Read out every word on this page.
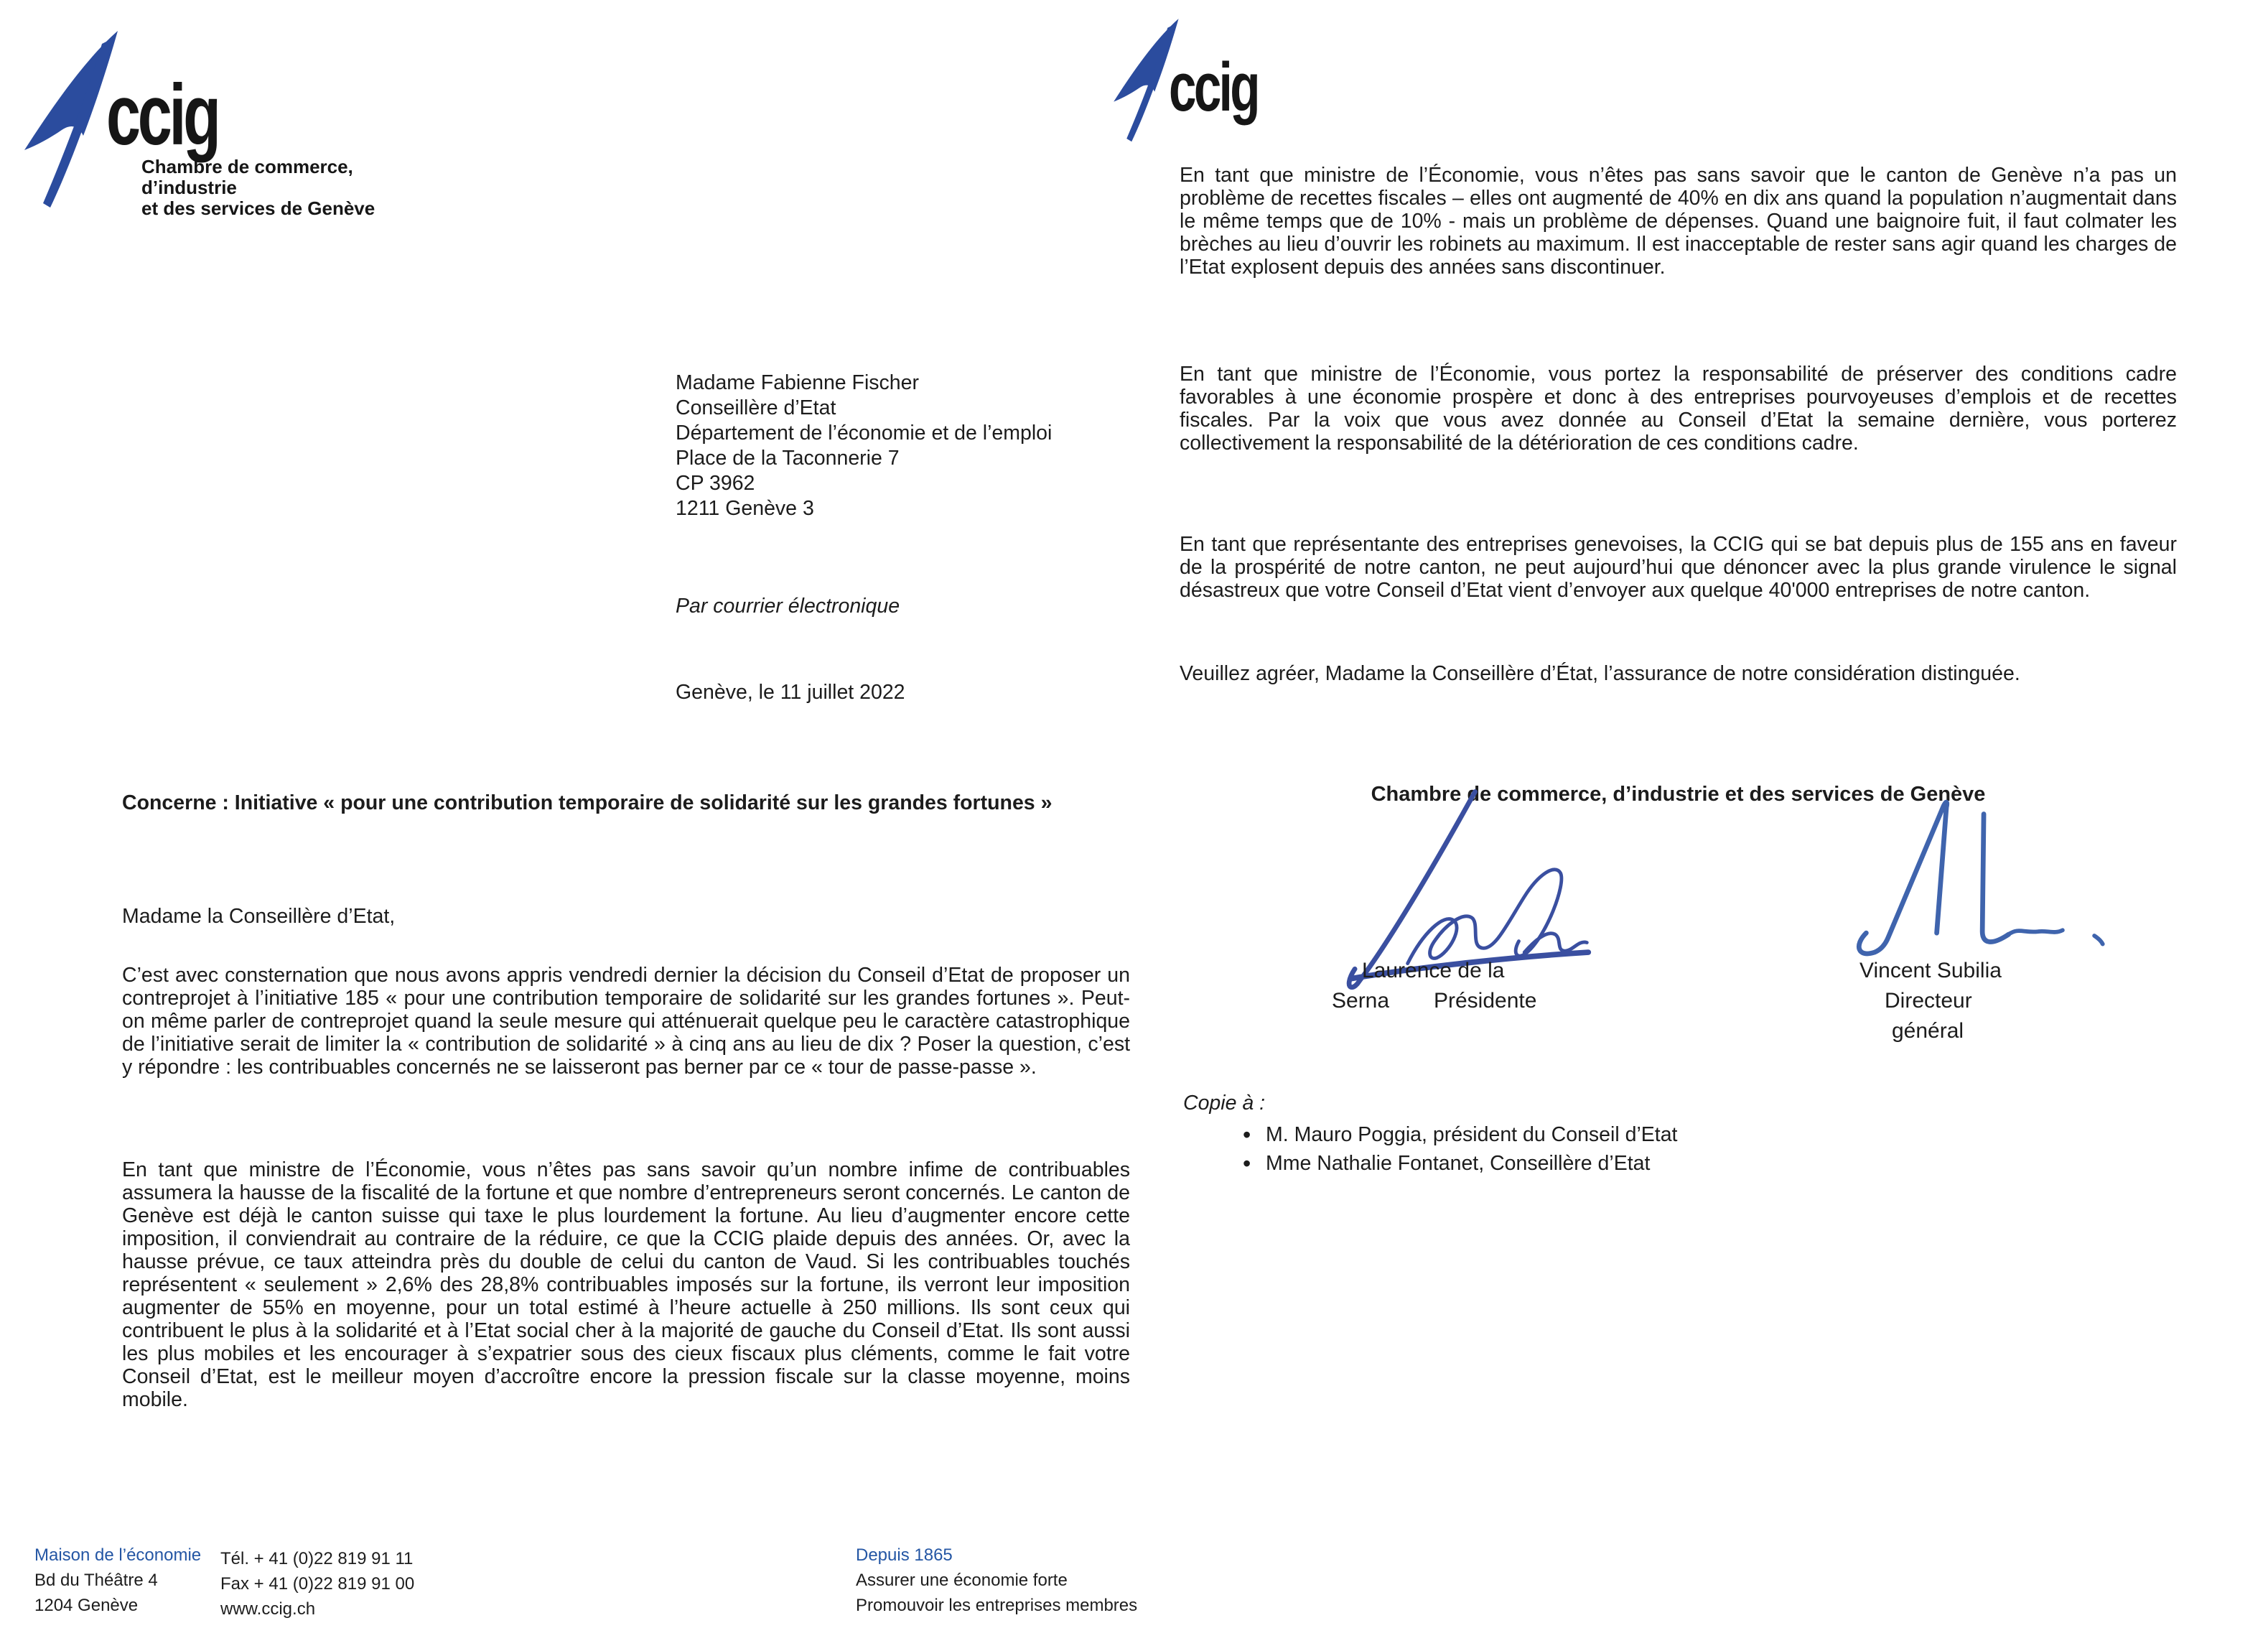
ccig
Chambre de commerce, d’industrie
et des services de Genève
Madame Fabienne Fischer
Conseillère d’Etat
Département de l’économie et de l’emploi
Place de la Taconnerie 7
CP 3962
1211 Genève 3
Par courrier électronique
Genève, le 11 juillet 2022
Concerne : Initiative « pour une contribution temporaire de solidarité sur les grandes fortunes »
Madame la Conseillère d’Etat,
C’est avec consternation que nous avons appris vendredi dernier la décision du Conseil d’Etat de proposer un contreprojet à l’initiative 185 « pour une contribution temporaire de solidarité sur les grandes fortunes ». Peut-on même parler de contreprojet quand la seule mesure qui atténuerait quelque peu le caractère catastrophique de l’initiative serait de limiter la « contribution de solidarité » à cinq ans au lieu de dix ? Poser la question, c’est y répondre : les contribuables concernés ne se laisseront pas berner par ce « tour de passe-passe ».
En tant que ministre de l’Économie, vous n’êtes pas sans savoir qu’un nombre infime de contribuables assumera la hausse de la fiscalité de la fortune et que nombre d’entrepreneurs seront concernés. Le canton de Genève est déjà le canton suisse qui taxe le plus lourdement la fortune. Au lieu d’augmenter encore cette imposition, il conviendrait au contraire de la réduire, ce que la CCIG plaide depuis des années. Or, avec la hausse prévue, ce taux atteindra près du double de celui du canton de Vaud. Si les contribuables touchés représentent « seulement » 2,6% des 28,8% contribuables imposés sur la fortune, ils verront leur imposition augmenter de 55% en moyenne, pour un total estimé à l’heure actuelle à 250 millions. Ils sont ceux qui contribuent le plus à la solidarité et à l’Etat social cher à la majorité de gauche du Conseil d’Etat. Ils sont aussi les plus mobiles et les encourager à s’expatrier sous des cieux fiscaux plus cléments, comme le fait votre Conseil d’Etat, est le meilleur moyen d’accroître encore la pression fiscale sur la classe moyenne, moins mobile.
Maison de l’économie
Bd du Théâtre 4
1204 Genève
Tél. + 41 (0)22 819 91 11
Fax + 41 (0)22 819 91 00
www.ccig.ch
Depuis 1865
Assurer une économie forte
Promouvoir les entreprises membres
ccig
En tant que ministre de l’Économie, vous n’êtes pas sans savoir que le canton de Genève n’a pas un problème de recettes fiscales – elles ont augmenté de 40% en dix ans quand la population n’augmentait dans le même temps que de 10% - mais un problème de dépenses. Quand une baignoire fuit, il faut colmater les brèches au lieu d’ouvrir les robinets au maximum. Il est inacceptable de rester sans agir quand les charges de l’Etat explosent depuis des années sans discontinuer.
En tant que ministre de l’Économie, vous portez la responsabilité de préserver des conditions cadre favorables à une économie prospère et donc à des entreprises pourvoyeuses d’emplois et de recettes fiscales. Par la voix que vous avez donnée au Conseil d’Etat la semaine dernière, vous porterez collectivement la responsabilité de la détérioration de ces conditions cadre.
En tant que représentante des entreprises genevoises, la CCIG qui se bat depuis plus de 155 ans en faveur de la prospérité de notre canton, ne peut aujourd’hui que dénoncer avec la plus grande virulence le signal désastreux que votre Conseil d’Etat vient d’envoyer aux quelque 40'000 entreprises de notre canton.
Veuillez agréer, Madame la Conseillère d’État, l’assurance de notre considération distinguée.
Chambre de commerce, d’industrie et des services de Genève
Laurence de la
Serna Présidente
Vincent Subilia
Directeur
général
Copie à :
• M. Mauro Poggia, président du Conseil d’Etat
• Mme Nathalie Fontanet, Conseillère d’Etat
